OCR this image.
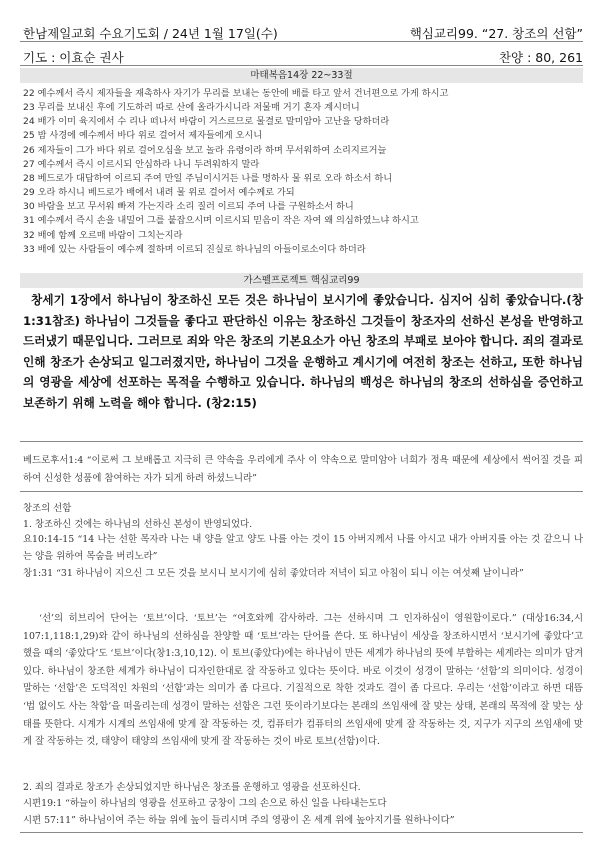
한남제일교회 수요기도회 / 24년 1월 17일(수)	핵심교리99. “27. 창조의 선함”
기도 : 이효순 권사	찬양 : 80, 261
마태복음14장 22~33절
22 예수께서 즉시 제자들을 재촉하사 자기가 무리를 보내는 동안에 배를 타고 앞서 건너편으로 가게 하시고
23 무리를 보내신 후에 기도하러 따로 산에 올라가시니라 저물매 거기 혼자 계시더니
24 배가 이미 육지에서 수 리나 떠나서 바람이 거스르므로 물결로 말미암아 고난을 당하더라
25 밤 사경에 예수께서 바다 위로 걸어서 제자들에게 오시니
26 제자들이 그가 바다 위로 걸어오심을 보고 놀라 유령이라 하며 무서워하여 소리지르거늘
27 예수께서 즉시 이르시되 안심하라 나니 두려워하지 말라
28 베드로가 대답하여 이르되 주여 만일 주님이시거든 나를 명하사 물 위로 오라 하소서 하니
29 오라 하시니 베드로가 배에서 내려 물 위로 걸어서 예수께로 가되
30 바람을 보고 무서워 빠져 가는지라 소리 질러 이르되 주여 나를 구원하소서 하니
31 예수께서 즉시 손을 내밀어 그를 붙잡으시며 이르시되 믿음이 작은 자여 왜 의심하였느냐 하시고
32 배에 함께 오르매 바람이 그치는지라
33 배에 있는 사람들이 예수께 절하며 이르되 진실로 하나님의 아들이로소이다 하더라
가스펠프로젝트 핵심교리99

창세기 1장에서 하나님이 창조하신 모든 것은 하나님이 보시기에 좋았습니다. 심지어 심히 좋았습니다.(창1:31참조) 하나님이 그것들을 좋다고 판단하신 이유는 창조하신 그것들이 창조자의 선하신 본성을 반영하고 드러냈기 때문입니다. 그러므로 죄와 악은 창조의 기본요소가 아닌 창조의 부패로 보아야 합니다. 죄의 결과로 인해 창조가 손상되고 일그러졌지만, 하나님이 그것을 운행하고 계시기에 여전히 창조는 선하고, 또한 하나님의 영광을 세상에 선포하는 목적을 수행하고 있습니다. 하나님의 백성은 하나님의 창조의 선하심을 증언하고 보존하기 위해 노력을 해야 합니다. (창2:15)

베드로후서1:4 “이로써 그 보배롭고 지극히 큰 약속을 우리에게 주사 이 약속으로 말미암아 너희가 정욕 때문에 세상에서 썩어질 것을 피하여 신성한 성품에 참여하는 자가 되게 하려 하셨느니라”

창조의 선함

1. 창조하신 것에는 하나님의 선하신 본성이 반영되었다.

요10:14-15 “14 나는 선한 목자라 나는 내 양을 알고 양도 나를 아는 것이 15 아버지께서 나를 아시고 내가 아버지를 아는 것 같으니 나는 양을 위하여 목숨을 버리노라”

창1:31 “31 하나님이 지으신 그 모든 것을 보시니 보시기에 심히 좋았더라 저녁이 되고 아침이 되니 이는 여섯째 날이니라”

‘선’의 히브리어 단어는 ‘토브’이다. ‘토브’는 “여호와께 감사하라. 그는 선하시며 그 인자하심이 영원함이로다.” (대상16:34,시107:1,118:1,29)와 같이 하나님의 선하심을 찬양할 때 ‘토브’라는 단어를 쓴다. 또 하나님이 세상을 창조하시면서 ‘보시기에 좋았다’고 했을 때의 ‘좋았다’도 ‘토브’이다(창1:3,10,12). 이 토브(좋았다)에는 하나님이 만든 세계가 하나님의 뜻에 부합하는 세계라는 의미가 담겨 있다. 하나님이 창조한 세계가 하나님이 디자인한대로 잘 작동하고 있다는 뜻이다. 바로 이것이 성경이 말하는 ‘선함’의 의미이다. 성경이 말하는 ‘선함’은 도덕적인 차원의 ‘선함’과는 의미가 좀 다르다. 기질적으로 착한 것과도 결이 좀 다르다. 우리는 ‘선함’이라고 하면 대뜸 ‘법 없이도 사는 착함’을 떠올리는데 성경이 말하는 선함은 그런 뜻이라기보다는 본래의 쓰임새에 잘 맞는 상태, 본래의 목적에 잘 맞는 상태를 뜻한다. 시계가 시계의 쓰임새에 맞게 잘 작동하는 것, 컴퓨터가 컴퓨터의 쓰임새에 맞게 잘 작동하는 것, 지구가 지구의 쓰임새에 맞게 잘 작동하는 것, 태양이 태양의 쓰임새에 맞게 잘 작동하는 것이 바로 토브(선함)이다.

2. 죄의 결과로 창조가 손상되었지만 하나님은 창조를 운행하고 영광을 선포하신다.

시편19:1 “하늘이 하나님의 영광을 선포하고 궁창이 그의 손으로 하신 일을 나타내는도다

시편 57:11” 하나님이여 주는 하늘 위에 높이 들리시며 주의 영광이 온 세계 위에 높아지기를 원하나이다”
